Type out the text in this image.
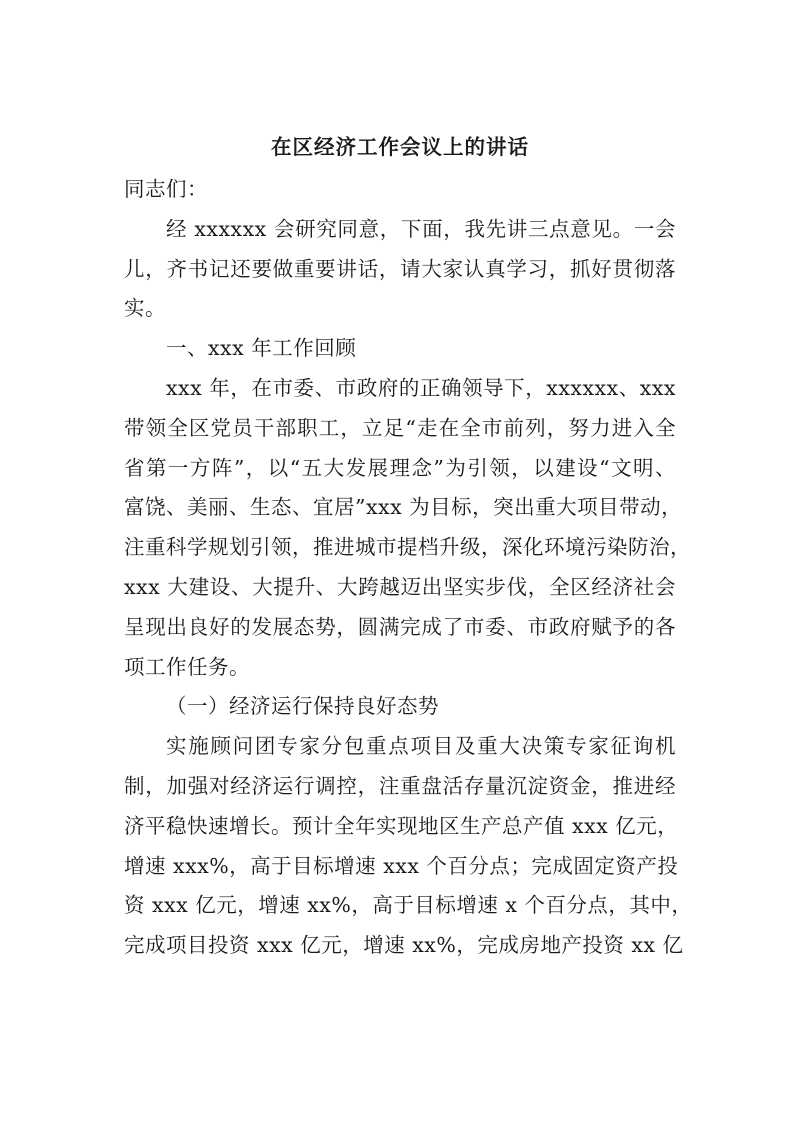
在区经济工作会议上的讲话
同志们：
经 xxxxxx 会研究同意，下面，我先讲三点意见。一会
儿，齐书记还要做重要讲话，请大家认真学习，抓好贯彻落
实。
一、xxx 年工作回顾
xxx 年，在市委、市政府的正确领导下，xxxxxx、xxx
带领全区党员干部职工，立足“走在全市前列，努力进入全
省第一方阵”，以“五大发展理念”为引领，以建设“文明、
富饶、美丽、生态、宜居”xxx 为目标，突出重大项目带动，
注重科学规划引领，推进城市提档升级，深化环境污染防治，
xxx 大建设、大提升、大跨越迈出坚实步伐，全区经济社会
呈现出良好的发展态势，圆满完成了市委、市政府赋予的各
项工作任务。
（一）经济运行保持良好态势
实施顾问团专家分包重点项目及重大决策专家征询机
制，加强对经济运行调控，注重盘活存量沉淀资金，推进经
济平稳快速增长。预计全年实现地区生产总产值 xxx 亿元，
增速 xxx%，高于目标增速 xxx 个百分点；完成固定资产投
资 xxx 亿元，增速 xx%，高于目标增速 x 个百分点，其中，
完成项目投资 xxx 亿元，增速 xx%，完成房地产投资 xx 亿
